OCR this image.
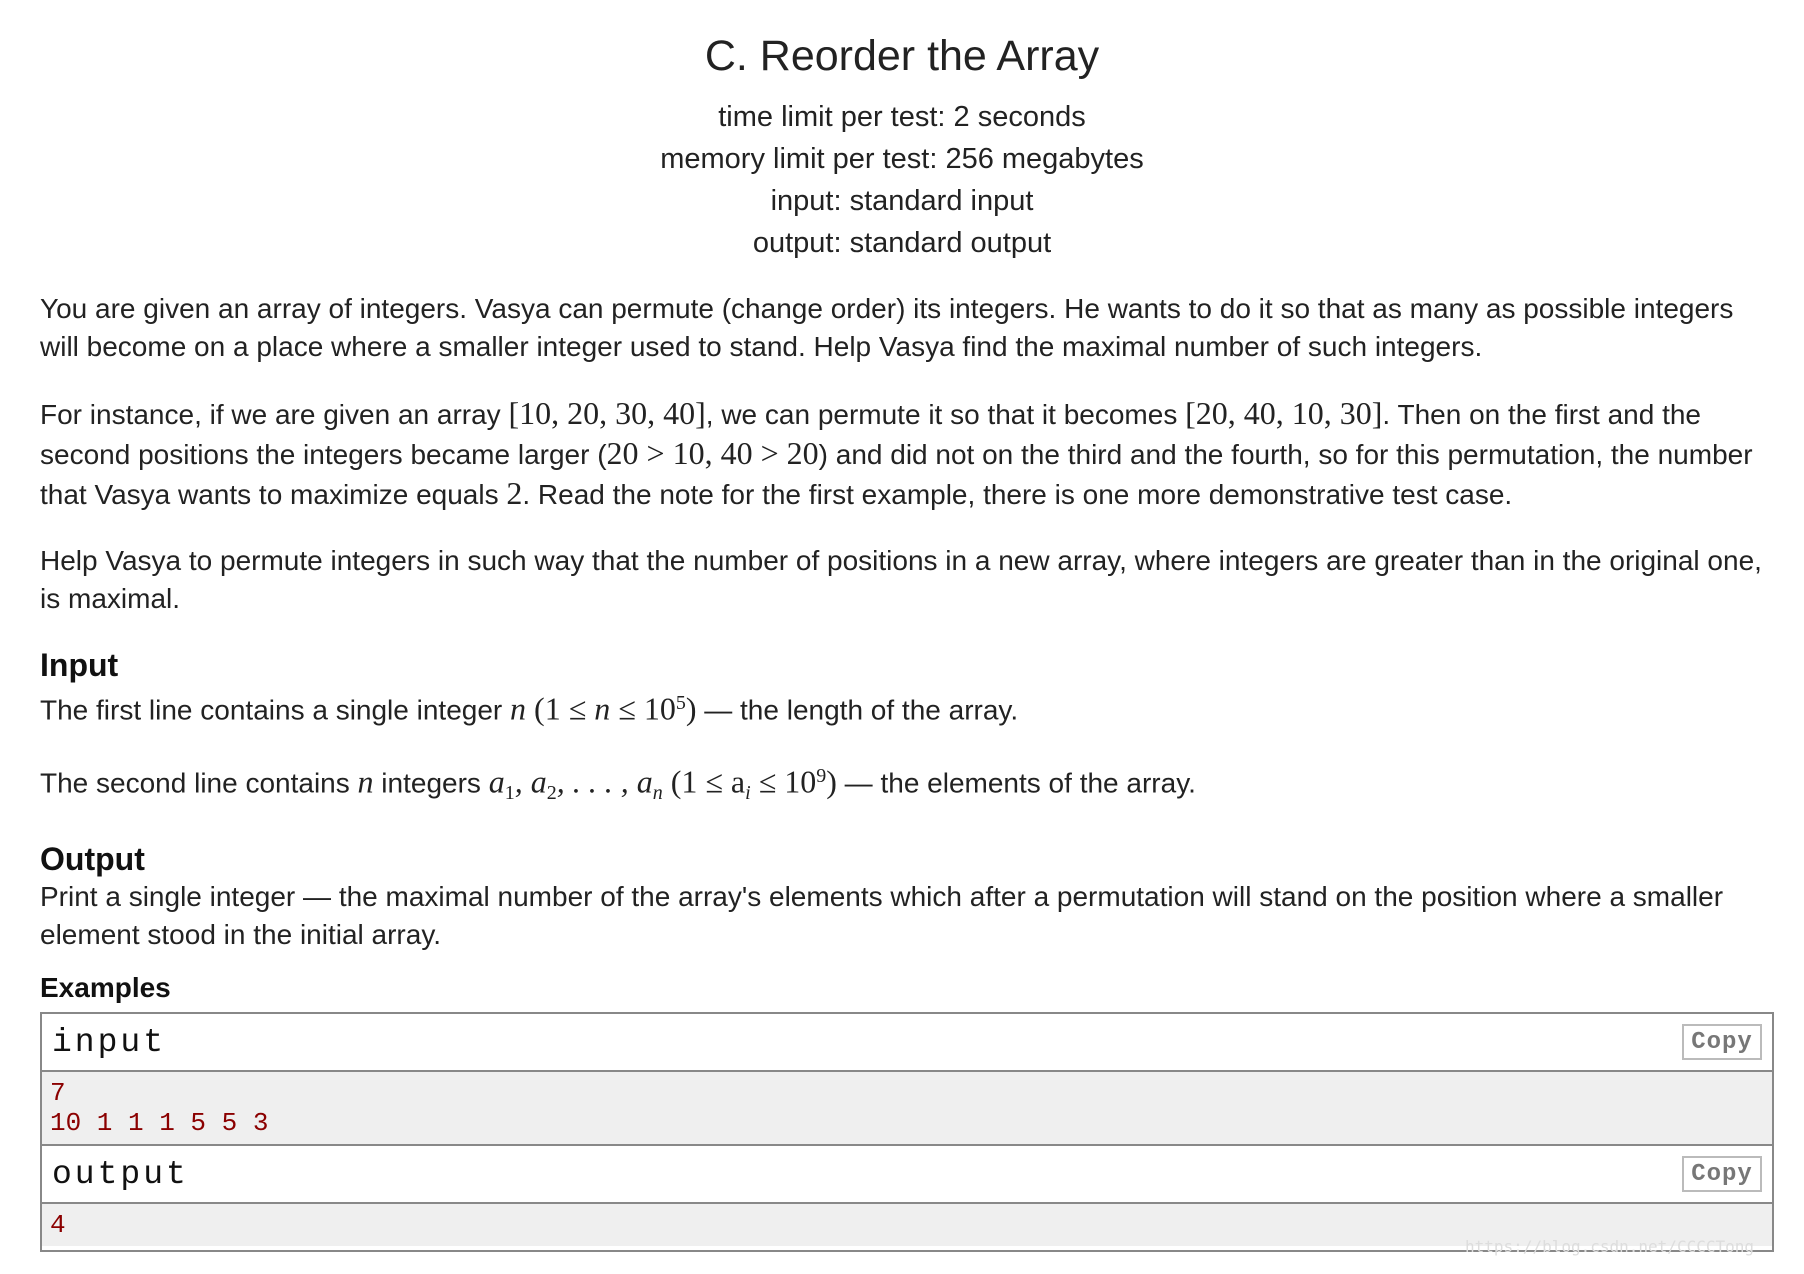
C. Reorder the Array
time limit per test: 2 seconds
memory limit per test: 256 megabytes
input: standard input
output: standard output

You are given an array of integers. Vasya can permute (change order) its integers. He wants to do it so that as many as possible integers will become on a place where a smaller integer used to stand. Help Vasya find the maximal number of such integers.

For instance, if we are given an array [10, 20, 30, 40], we can permute it so that it becomes [20, 40, 10, 30]. Then on the first and the second positions the integers became larger (20 > 10, 40 > 20) and did not on the third and the fourth, so for this permutation, the number that Vasya wants to maximize equals 2. Read the note for the first example, there is one more demonstrative test case.

Help Vasya to permute integers in such way that the number of positions in a new array, where integers are greater than in the original one, is maximal.

Input

The first line contains a single integer n $(1 \le n \le 10^5)$ — the length of the array.

The second line contains n integers $a_1$, $a_2$, . . . , $a_n$ $(1 \le a_i \le 10^9)$ — the elements of the array.

Output

Print a single integer — the maximal number of the array's elements which after a permutation will stand on the position where a smaller element stood in the initial array.

Examples
input	Copy
7
10 1 1 1 5 5 3
output	Copy
4
https://blog.csdn.net/CCCCTong
